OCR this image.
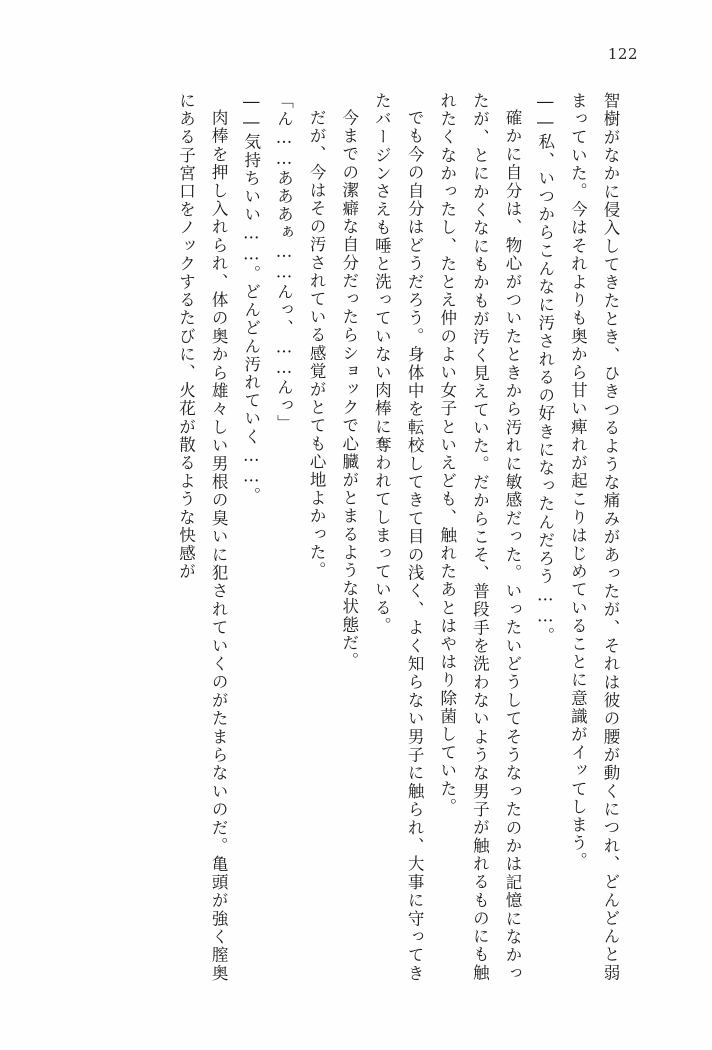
122

智樹がなかに侵入してきたとき、ひきつるような痛みがあったが、それは彼の腰が動くにつれ、どんどんと弱まっていた。今はそれよりも奥から甘い痺れが起こりはじめていることに意識がイッてしまう。

――私、いつからこんなに汚されるの好きになったんだろう……。

確かに自分は、物心がついたときから汚れに敏感だった。いったいどうしてそうなったのかは記憶になかったが、とにかくなにもかもが汚く見えていた。だからこそ、普段手を洗わないような男子が触れるものにも触れたくなかったし、たとえ仲のよい女子といえども、触れたあとはやはり除菌していた。

でも今の自分はどうだろう。身体中を転校してきて目の浅く、よく知らない男子に触られ、大事に守ってきたバージンさえも唾と洗っていない肉棒に奪われてしまっている。

今までの潔癖な自分だったらショックで心臓がとまるような状態だ。

だが、今はその汚されている感覚がとても心地よかった。

「ん……あああぁ……んっ、……んっ」

――気持ちいい……。どんどん汚れていく……。

肉棒を押し入れられ、体の奥から雄々しい男根の臭いに犯されていくのがたまらないのだ。亀頭が強く膣奥にある子宮口をノックするたびに、火花が散るような快感が
